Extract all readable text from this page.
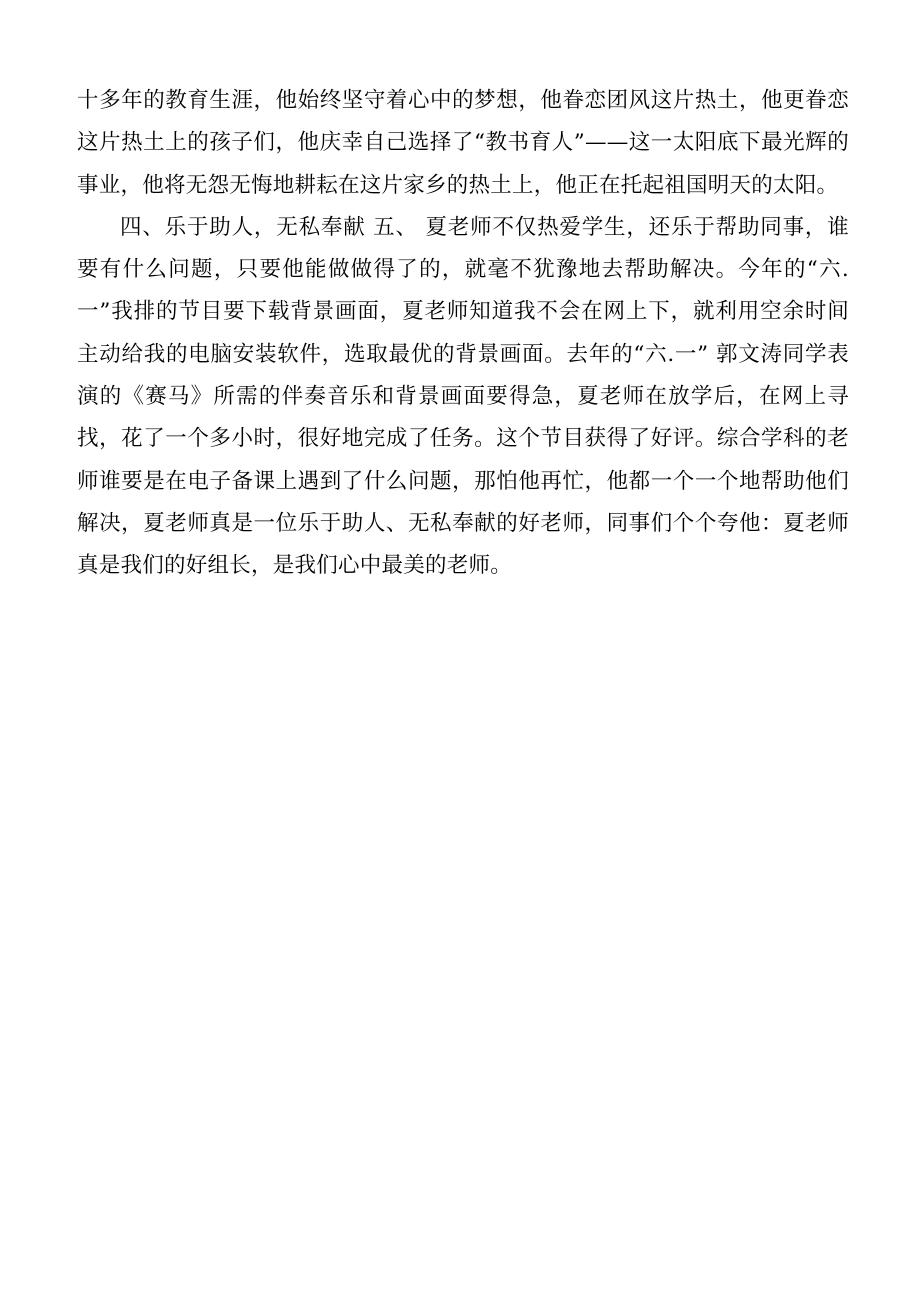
十多年的教育生涯，他始终坚守着心中的梦想，他眷恋团风这片热土，他更眷恋这片热土上的孩子们，他庆幸自己选择了“教书育人”——这一太阳底下最光辉的事业，他将无怨无悔地耕耘在这片家乡的热土上，他正在托起祖国明天的太阳。

四、乐于助人，无私奉献 五、 夏老师不仅热爱学生，还乐于帮助同事，谁要有什么问题，只要他能做做得了的，就毫不犹豫地去帮助解决。今年的“六.一”我排的节目要下载背景画面，夏老师知道我不会在网上下，就利用空余时间主动给我的电脑安装软件，选取最优的背景画面。去年的“六.一” 郭文涛同学表演的《赛马》所需的伴奏音乐和背景画面要得急，夏老师在放学后，在网上寻找，花了一个多小时，很好地完成了任务。这个节目获得了好评。综合学科的老师谁要是在电子备课上遇到了什么问题，那怕他再忙，他都一个一个地帮助他们解决，夏老师真是一位乐于助人、无私奉献的好老师，同事们个个夸他：夏老师真是我们的好组长，是我们心中最美的老师。
